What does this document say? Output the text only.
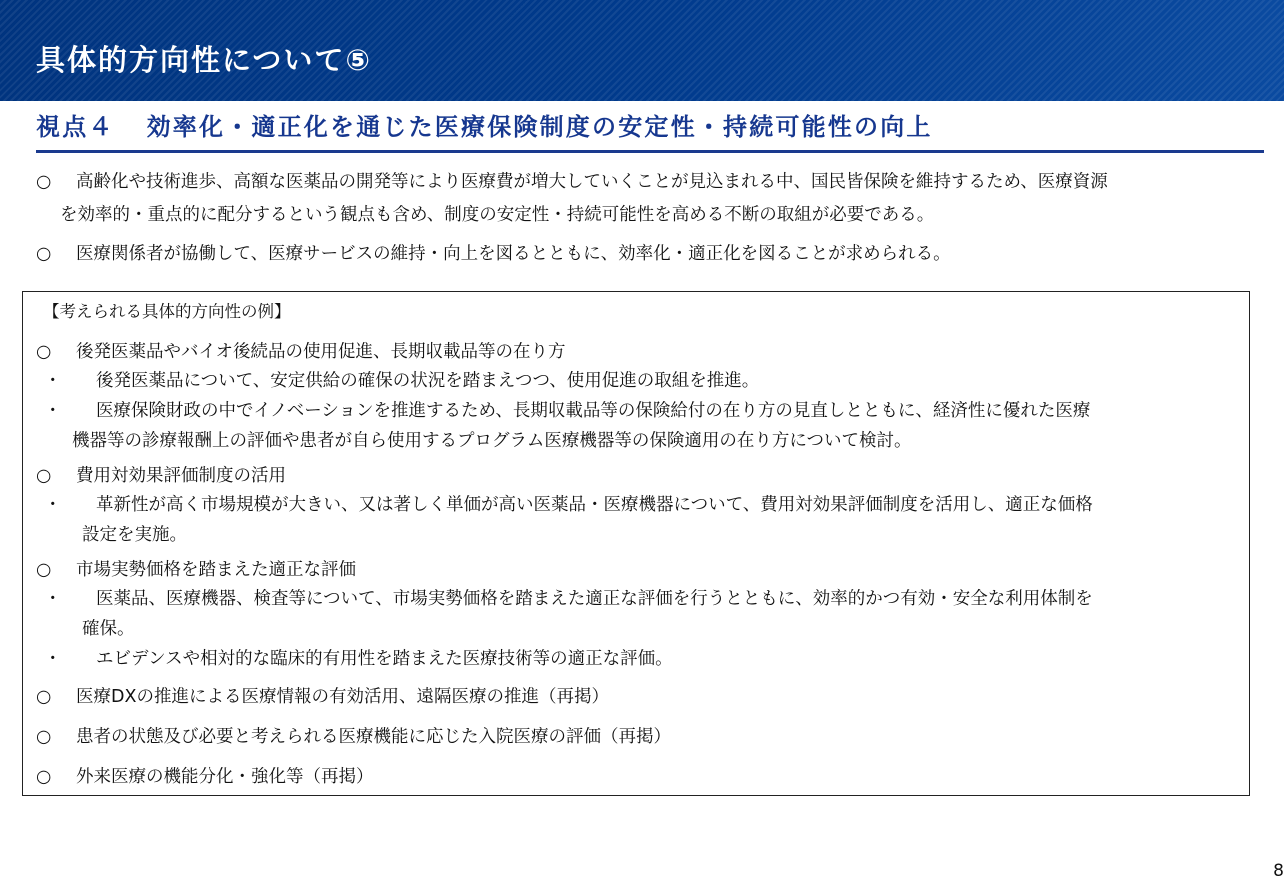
具体的方向性について⑤
視点４ 効率化・適正化を通じた医療保険制度の安定性・持続可能性の向上
○	高齢化や技術進歩、高額な医薬品の開発等により医療費が増大していくことが見込まれる中、国民皆保険を維持するため、医療資源
を効率的・重点的に配分するという観点も含め、制度の安定性・持続可能性を高める不断の取組が必要である。
○	医療関係者が協働して、医療サービスの維持・向上を図るとともに、効率化・適正化を図ることが求められる。

【考えられる具体的方向性の例】

○	後発医薬品やバイオ後続品の使用促進、長期収載品等の在り方
・	後発医薬品について、安定供給の確保の状況を踏まえつつ、使用促進の取組を推進。
・	医療保険財政の中でイノベーションを推進するため、長期収載品等の保険給付の在り方の見直しとともに、経済性に優れた医療
機器等の診療報酬上の評価や患者が自ら使用するプログラム医療機器等の保険適用の在り方について検討。
○	費用対効果評価制度の活用
・	革新性が高く市場規模が大きい、又は著しく単価が高い医薬品・医療機器について、費用対効果評価制度を活用し、適正な価格
設定を実施。
○	市場実勢価格を踏まえた適正な評価
・	医薬品、医療機器、検査等について、市場実勢価格を踏まえた適正な評価を行うとともに、効率的かつ有効・安全な利用体制を
確保。
・	エビデンスや相対的な臨床的有用性を踏まえた医療技術等の適正な評価。
○	医療DXの推進による医療情報の有効活用、遠隔医療の推進（再掲）
○	患者の状態及び必要と考えられる医療機能に応じた入院医療の評価（再掲）
○	外来医療の機能分化・強化等（再掲）

8
